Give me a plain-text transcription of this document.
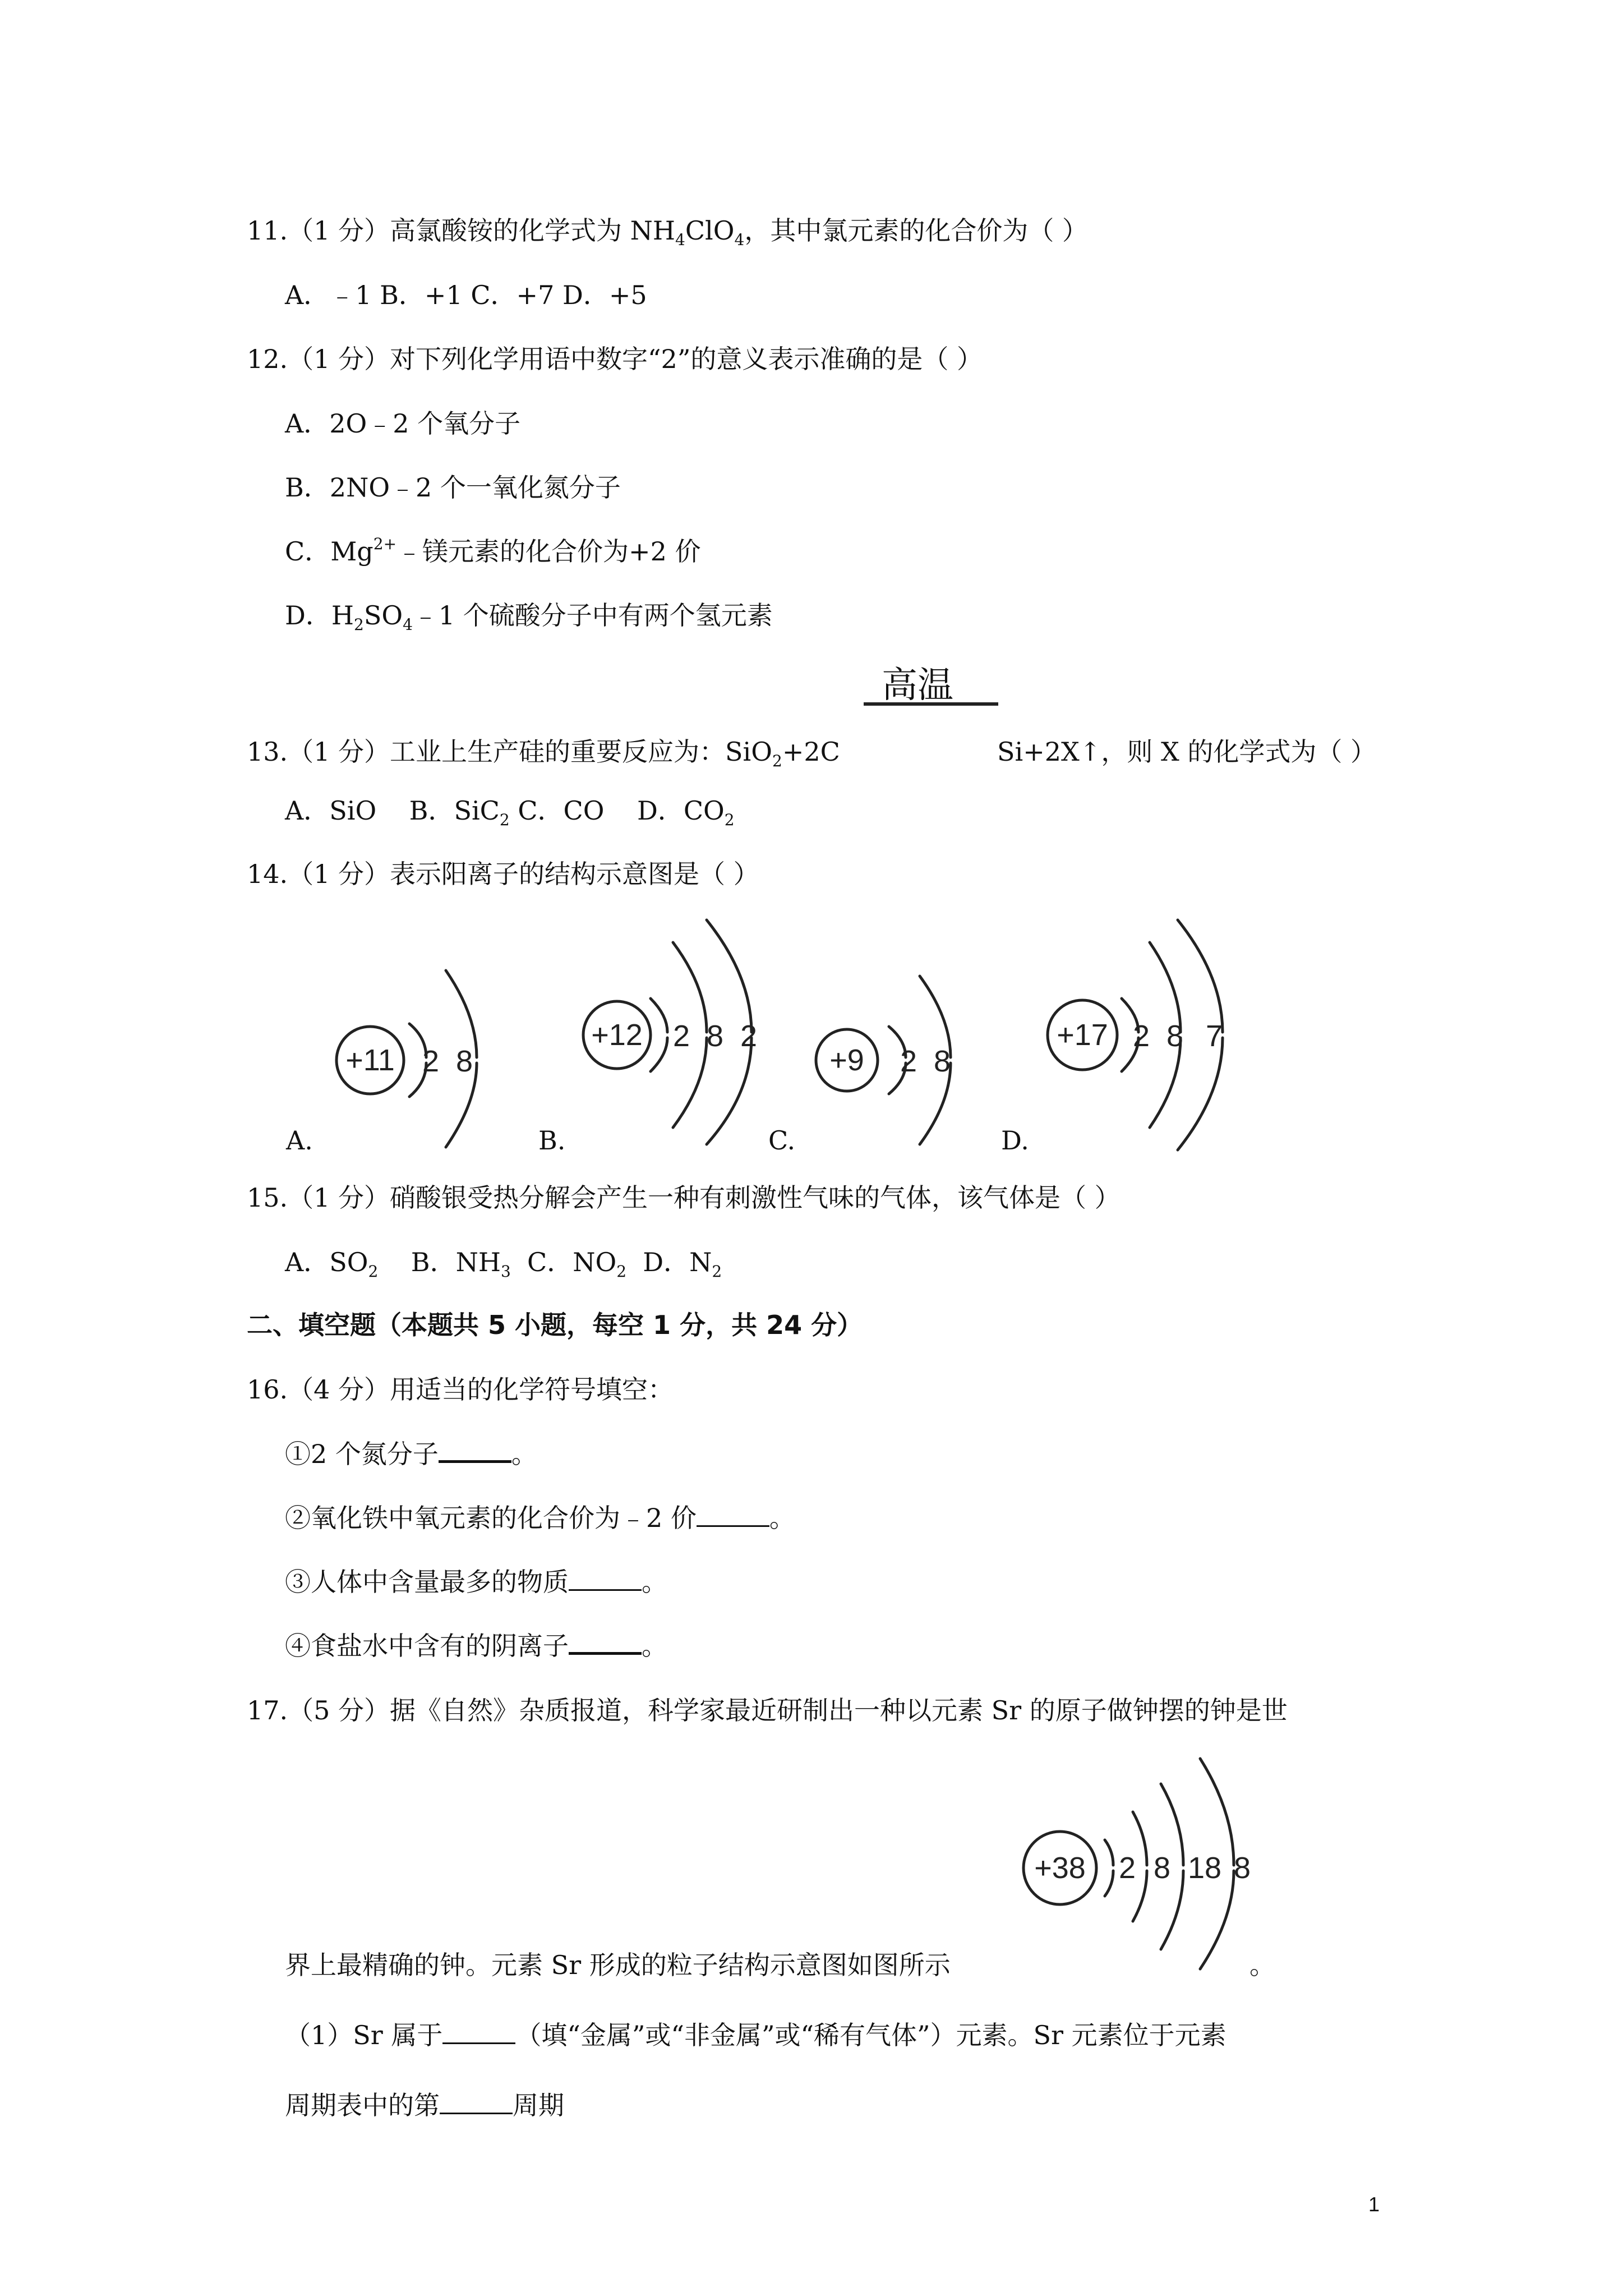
11.（1 分）高氯酸铵的化学式为 $NH_4ClO_4$，其中氯元素的化合价为（ ）
A．﹣1 B．+1 C．+7 D．+5
12.（1 分）对下列化学用语中数字“2”的意义表示准确的是（ ）
A．2O﹣2 个氧分子
B．2NO﹣2 个一氧化氮分子
C．$Mg^{2+}﹣$镁元素的化合价为+2 价
D．$H_2SO_4﹣1$ 个硫酸分子中有两个氢元素
高温
13.（1 分）工业上生产硅的重要反应为：SiO$_2$+2C	Si+2X↑，则 X 的化学式为（ ）
A．SiO B．SiC$_2$ C．CO D．$CO_2$
14.（1 分）表示阳离子的结构示意图是（ ）
+11 2 8
+12 2 8 2
+9 2 8
+17 2 8 7
A.	B.	C.	D.
15.（1 分）硝酸银受热分解会产生一种有刺激性气味的气体，该气体是（ ）
A．$SO_2$ B．$NH_3$ C．$NO_2$ D．$N_2$
二、填空题（本题共 5 小题，每空 1 分，共 24 分）
16.（4 分）用适当的化学符号填空：
①2 个氮分子	。
②氧化铁中氧元素的化合价为﹣2 价	。
③人体中含量最多的物质	。
④食盐水中含有的阴离子	。
17.（5 分）据《自然》杂质报道，科学家最近研制出一种以元素 Sr 的原子做钟摆的钟是世
+38 2 8 18 8
界上最精确的钟。元素 Sr 形成的粒子结构示意图如图所示	。
（1）Sr 属于	（填“金属”或“非金属”或“稀有气体”）元素。Sr 元素位于元素
周期表中的第	周期
1
